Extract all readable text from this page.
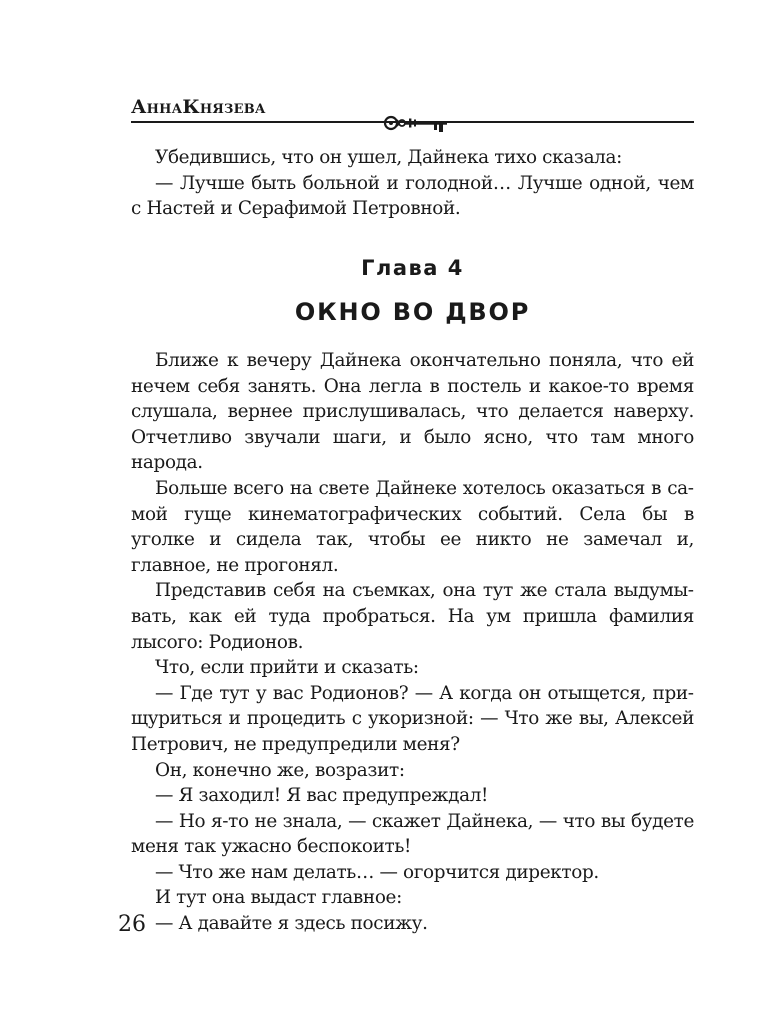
АннаКнязева

Убедившись, что он ушел, Дайнека тихо сказала:

— Лучше быть больной и голодной… Лучше одной, чем с Настей и Серафимой Петровной.

Глава 4
ОКНО ВО ДВОР

Ближе к вечеру Дайнека окончательно поняла, что ей нечем себя занять. Она легла в постель и какое-то время слушала, вернее прислушивалась, что делается наверху. Отчетливо звучали шаги, и было ясно, что там много народа.

Больше всего на свете Дайнеке хотелось оказаться в самой гуще кинематографических событий. Села бы в уголке и сидела так, чтобы ее никто не замечал и, главное, не прогонял.

Представив себя на съемках, она тут же стала выдумывать, как ей туда пробраться. На ум пришла фамилия лысого: Родионов.

Что, если прийти и сказать:

— Где тут у вас Родионов? — А когда он отыщется, прищуриться и процедить с укоризной: — Что же вы, Алексей Петрович, не предупредили меня?

Он, конечно же, возразит:

— Я заходил! Я вас предупреждал!

— Но я-то не знала, — скажет Дайнека, — что вы будете меня так ужасно беспокоить!

— Что же нам делать… — огорчится директор.

И тут она выдаст главное:

— А давайте я здесь посижу.

26
